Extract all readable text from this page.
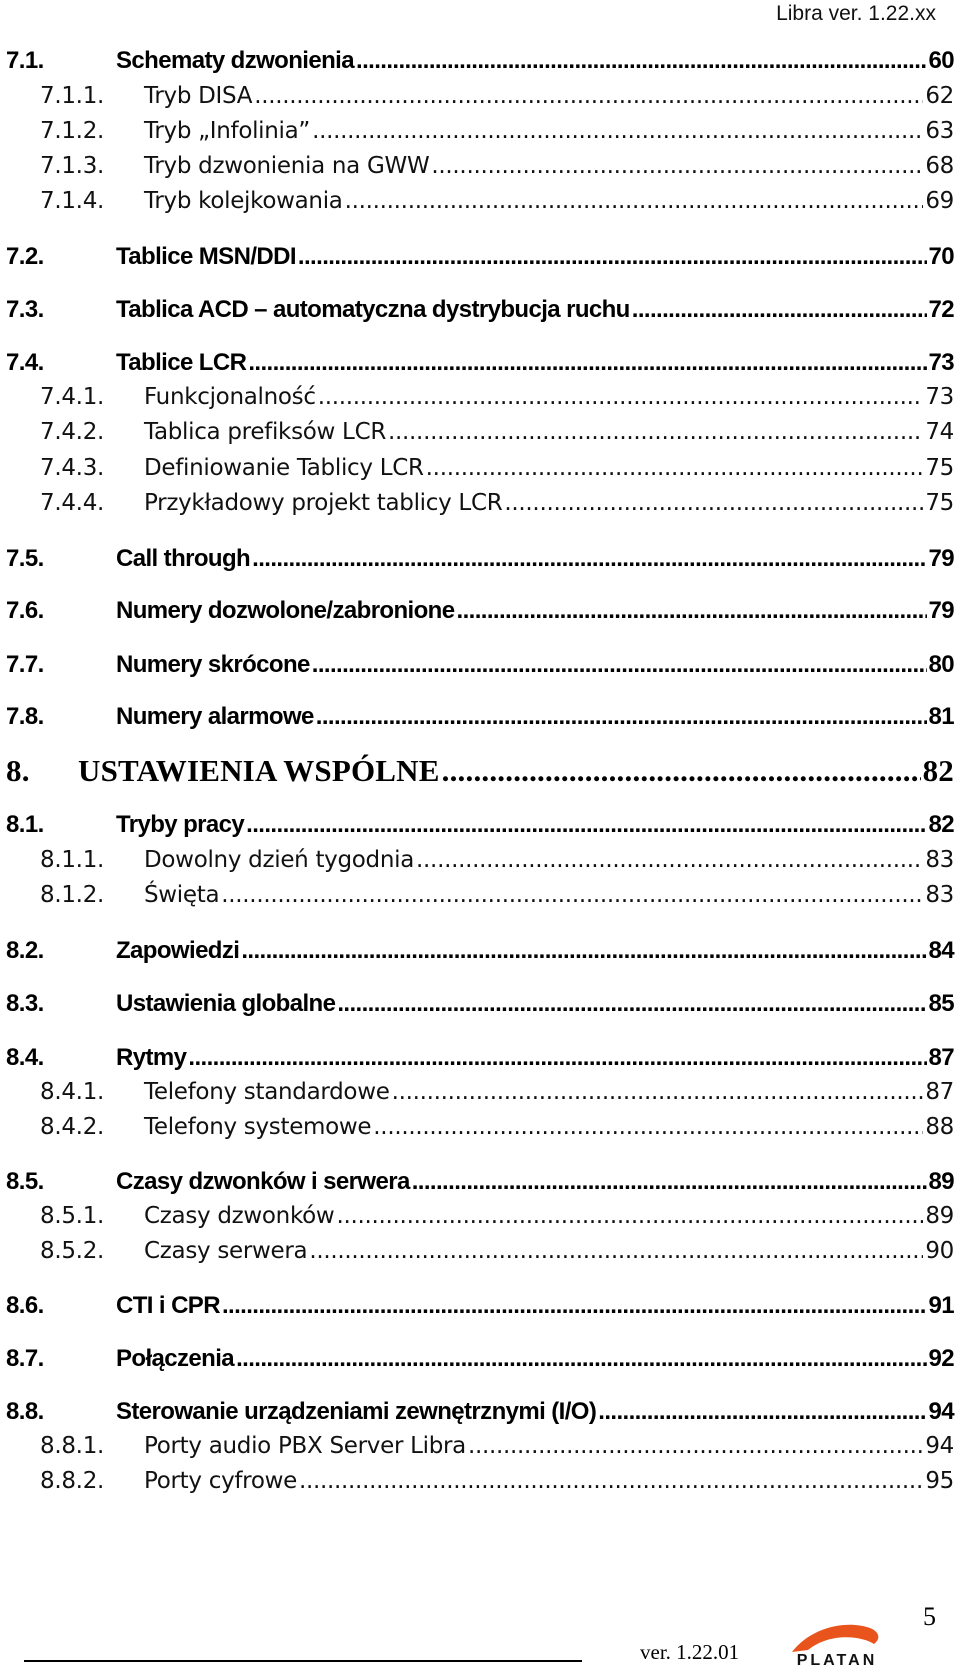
Libra ver. 1.22.xx
7.1.	Schematy dzwonienia .....	60
7.1.1.	Tryb DISA .....	62
7.1.2.	Tryb „Infolinia” .....	63
7.1.3.	Tryb dzwonienia na GWW .....	68
7.1.4.	Tryb kolejkowania .....	69
7.2.	Tablice MSN/DDI .....	70
7.3.	Tablica ACD – automatyczna dystrybucja ruchu .....	72
7.4.	Tablice LCR .....	73
7.4.1.	Funkcjonalność .....	73
7.4.2.	Tablica prefiksów LCR .....	74
7.4.3.	Definiowanie Tablicy LCR .....	75
7.4.4.	Przykładowy projekt tablicy LCR .....	75
7.5.	Call through .....	79
7.6.	Numery dozwolone/zabronione .....	79
7.7.	Numery skrócone .....	80
7.8.	Numery alarmowe .....	81
8.	USTAWIENIA WSPÓLNE .....	82
8.1.	Tryby pracy .....	82
8.1.1.	Dowolny dzień tygodnia .....	83
8.1.2.	Święta .....	83
8.2.	Zapowiedzi .....	84
8.3.	Ustawienia globalne .....	85
8.4.	Rytmy .....	87
8.4.1.	Telefony standardowe .....	87
8.4.2.	Telefony systemowe .....	88
8.5.	Czasy dzwonków i serwera .....	89
8.5.1.	Czasy dzwonków .....	89
8.5.2.	Czasy serwera .....	90
8.6.	CTI i CPR .....	91
8.7.	Połączenia .....	92
8.8.	Sterowanie urządzeniami zewnętrznymi (I/O) .....	94
8.8.1.	Porty audio PBX Server Libra .....	94
8.8.2.	Porty cyfrowe .....	95
ver. 1.22.01
5
PLATAN
